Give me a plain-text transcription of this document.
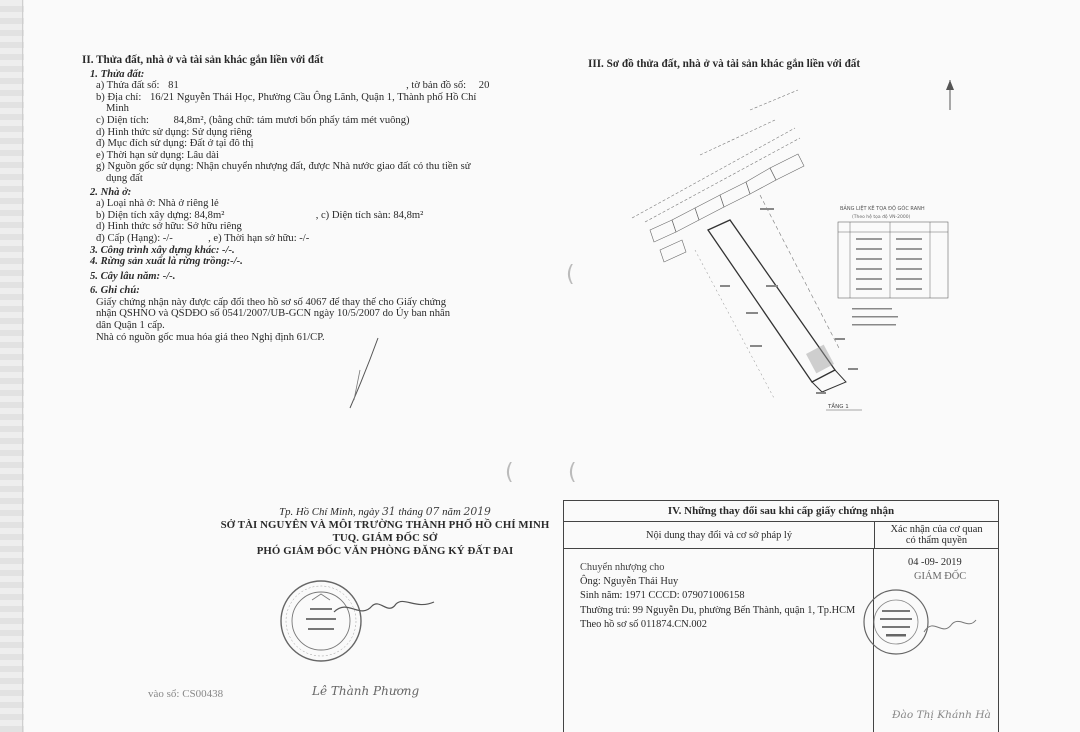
II. Thửa đất, nhà ở và tài sản khác gắn liền với đất
1. Thửa đất:
a) Thửa đất số: 81	, tờ bản đồ số: 20
b) Địa chỉ: 16/21 Nguyễn Thái Học, Phường Cầu Ông Lãnh, Quận 1, Thành phố Hồ Chí
Minh
c) Diện tích: 84,8m², (bằng chữ: tám mươi bốn phẩy tám mét vuông)
d) Hình thức sử dụng: Sử dụng riêng
đ) Mục đích sử dụng: Đất ở tại đô thị
e) Thời hạn sử dụng: Lâu dài
g) Nguồn gốc sử dụng: Nhận chuyển nhượng đất, được Nhà nước giao đất có thu tiền sử
dụng đất
2. Nhà ở:
a) Loại nhà ở: Nhà ở riêng lẻ
b) Diện tích xây dựng: 84,8m²	, c) Diện tích sàn: 84,8m²
d) Hình thức sở hữu: Sở hữu riêng
đ) Cấp (Hạng): -/-	, e) Thời hạn sở hữu: -/-
3. Công trình xây dựng khác: -/-.
4. Rừng sản xuất là rừng trồng:-/-.
5. Cây lâu năm: -/-.
6. Ghi chú:
Giấy chứng nhận này được cấp đổi theo hồ sơ số 4067 để thay thế cho Giấy chứng
nhận QSHNO và QSDĐO số 0541/2007/UB-GCN ngày 10/5/2007 do Ủy ban nhân
dân Quận 1 cấp.
Nhà có nguồn gốc mua hóa giá theo Nghị định 61/CP.
III. Sơ đồ thửa đất, nhà ở và tài sản khác gắn liền với đất
BẢNG LIỆT KÊ TỌA ĐỘ GÓC RANH
(Theo hệ tọa độ VN-2000)
TẦNG 1
(
( (
Tp. Hồ Chí Minh, ngày 31 tháng 07 năm 2019
SỞ TÀI NGUYÊN VÀ MÔI TRƯỜNG THÀNH PHỐ HỒ CHÍ MINH
TUQ. GIÁM ĐỐC SỞ
PHÓ GIÁM ĐỐC VĂN PHÒNG ĐĂNG KÝ ĐẤT ĐAI
Lê Thành Phương
vào sổ: CS00438
IV. Những thay đổi sau khi cấp giấy chứng nhận
Nội dung thay đổi và cơ sở pháp lý	Xác nhận của cơ quan
có thẩm quyền
Chuyển nhượng cho
Ông: Nguyễn Thái Huy
Sinh năm: 1971 CCCD: 079071006158
Thường trú: 99 Nguyễn Du, phường Bến Thành, quận 1, Tp.HCM
Theo hồ sơ số 011874.CN.002
04 -09- 2019
GIÁM ĐỐC
Đào Thị Khánh Hà
